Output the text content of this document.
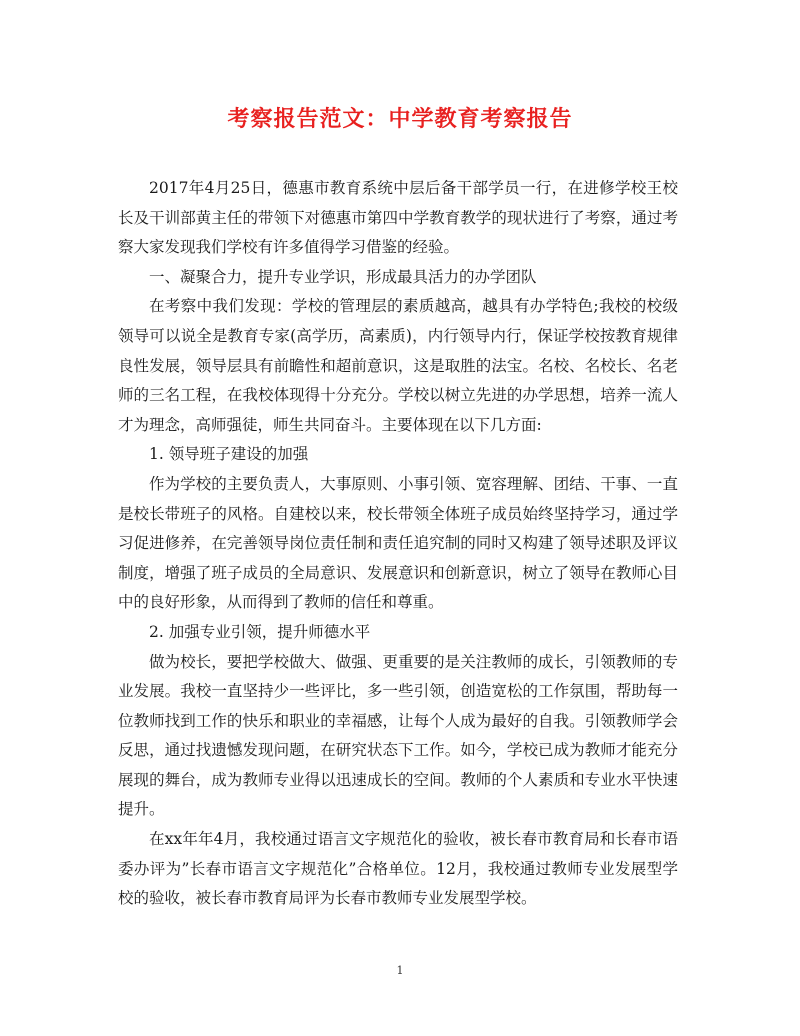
考察报告范文：中学教育考察报告

2017年4月25日，德惠市教育系统中层后备干部学员一行，在进修学校王校长及干训部黄主任的带领下对德惠市第四中学教育教学的现状进行了考察，通过考察大家发现我们学校有许多值得学习借鉴的经验。

一、凝聚合力，提升专业学识，形成最具活力的办学团队

在考察中我们发现：学校的管理层的素质越高，越具有办学特色;我校的校级领导可以说全是教育专家(高学历，高素质)，内行领导内行，保证学校按教育规律良性发展，领导层具有前瞻性和超前意识，这是取胜的法宝。名校、名校长、名老师的三名工程，在我校体现得十分充分。学校以树立先进的办学思想，培养一流人才为理念，高师强徒，师生共同奋斗。主要体现在以下几方面:

1. 领导班子建设的加强

作为学校的主要负责人，大事原则、小事引领、宽容理解、团结、干事、一直是校长带班子的风格。自建校以来，校长带领全体班子成员始终坚持学习，通过学习促进修养，在完善领导岗位责任制和责任追究制的同时又构建了领导述职及评议制度，增强了班子成员的全局意识、发展意识和创新意识，树立了领导在教师心目中的良好形象，从而得到了教师的信任和尊重。

2. 加强专业引领，提升师德水平

做为校长，要把学校做大、做强、更重要的是关注教师的成长，引领教师的专业发展。我校一直坚持少一些评比，多一些引领，创造宽松的工作氛围，帮助每一位教师找到工作的快乐和职业的幸福感，让每个人成为最好的自我。引领教师学会反思，通过找遗憾发现问题，在研究状态下工作。如今，学校已成为教师才能充分展现的舞台，成为教师专业得以迅速成长的空间。教师的个人素质和专业水平快速提升。

在xx年年4月，我校通过语言文字规范化的验收，被长春市教育局和长春市语委办评为”长春市语言文字规范化”合格单位。12月，我校通过教师专业发展型学校的验收，被长春市教育局评为长春市教师专业发展型学校。

1
